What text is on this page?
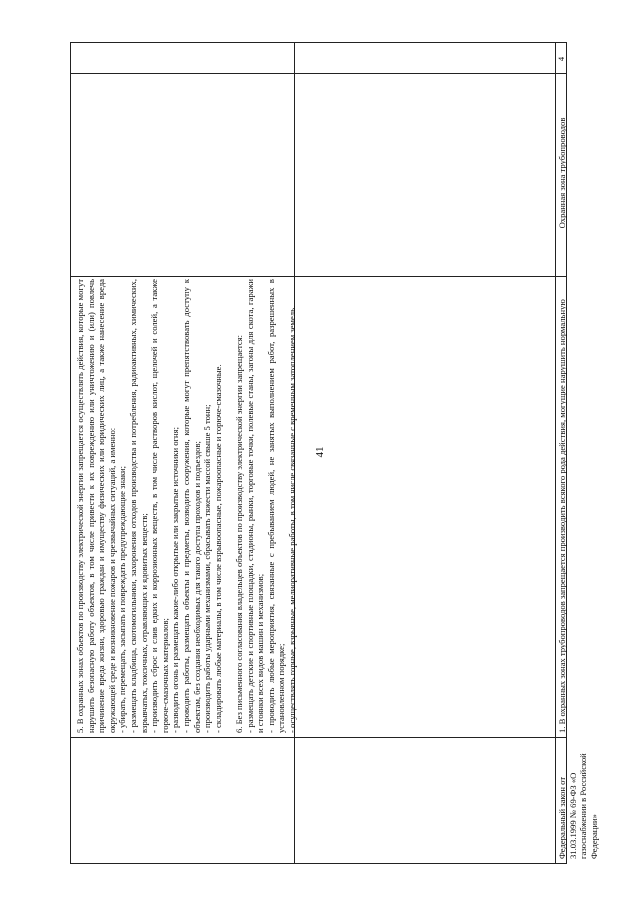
41

5. В охранных зонах объектов по производству электрической энергии запрещается осуществлять действия, которые могут нарушить безопасную работу объектов, в том числе привести к их повреждению или уничтожению и (или) повлечь причинение вреда жизни, здоровью граждан и имуществу физических или юридических лиц, а также нанесение вреда окружающей среде и возникновение пожаров и чрезвычайных ситуаций, а именно: - убирать, перемещать, засыпать и повреждать предупреждающие знаки; - размещать кладбища, скотомогильники, захоронения отходов производства и потребления, радиоактивных, химических, взрывчатых, токсичных, отравляющих и ядовитых веществ; - производить сброс и слив едких и коррозионных веществ, в том числе растворов кислот, щелочей и солей, а также горюче-смазочных материалов; - разводить огонь и размещать какие-либо открытые или закрытые источники огня; - проводить работы, размещать объекты и предметы, возводить сооружения, которые могут препятствовать доступу к объектам, без создания необходимых для такого доступа проходов и подъездов; - производить работы ударными механизмами, сбрасывать тяжести массой свыше 5 тонн; - складировать любые материалы, в том числе взрывоопасные, пожароопасные и горюче-смазочные. 6. Без письменного согласования владельцев объектов по производству электрической энергии запрещается: - размещать детские и спортивные площадки, стадионы, рынки, торговые точки, полевые станы, загоны для скота, гаражи и стоянки всех видов машин и механизмов; - проводить любые мероприятия, связанные с пребыванием людей, не занятых выполнением работ, разрешенных в установленном порядке; - осуществлять горные, взрывные, мелиоративные работы, в том числе связанные с временным затоплением земель.

4
Охранная зона трубопроводов

1. В охранных зонах трубопроводов запрещается производить всякого рода действия, могущие нарушить нормальную

Федеральный закон от 31.03.1999 № 69-ФЗ «О газоснабжении в Российской Федерации»
